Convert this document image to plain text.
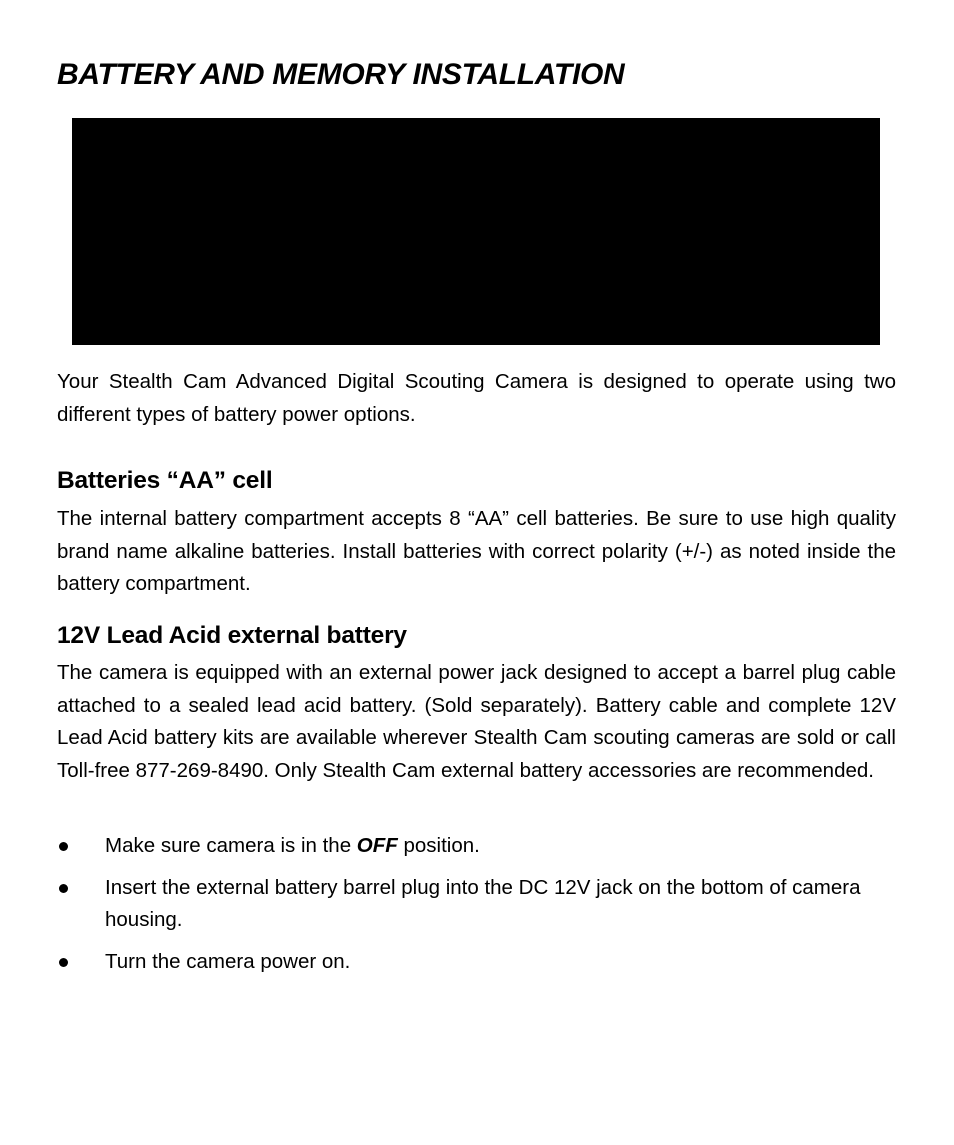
BATTERY AND MEMORY INSTALLATION

Your Stealth Cam Advanced Digital Scouting Camera is designed to operate using two different types of battery power options.

Batteries “AA” cell

The internal battery compartment accepts 8 “AA” cell batteries. Be sure to use high quality brand name alkaline batteries. Install batteries with correct polarity (+/-) as noted inside the battery compartment.

12V Lead Acid external battery

The camera is equipped with an external power jack designed to accept a barrel plug cable attached to a sealed lead acid battery. (Sold separately). Battery cable and complete 12V Lead Acid battery kits are available wherever Stealth Cam scouting cameras are sold or call Toll-free 877-269-8490. Only Stealth Cam external battery accessories are recommended.

Make sure camera is in the OFF position.
Insert the external battery barrel plug into the DC 12V jack on the bottom of camera housing.
Turn the camera power on.
